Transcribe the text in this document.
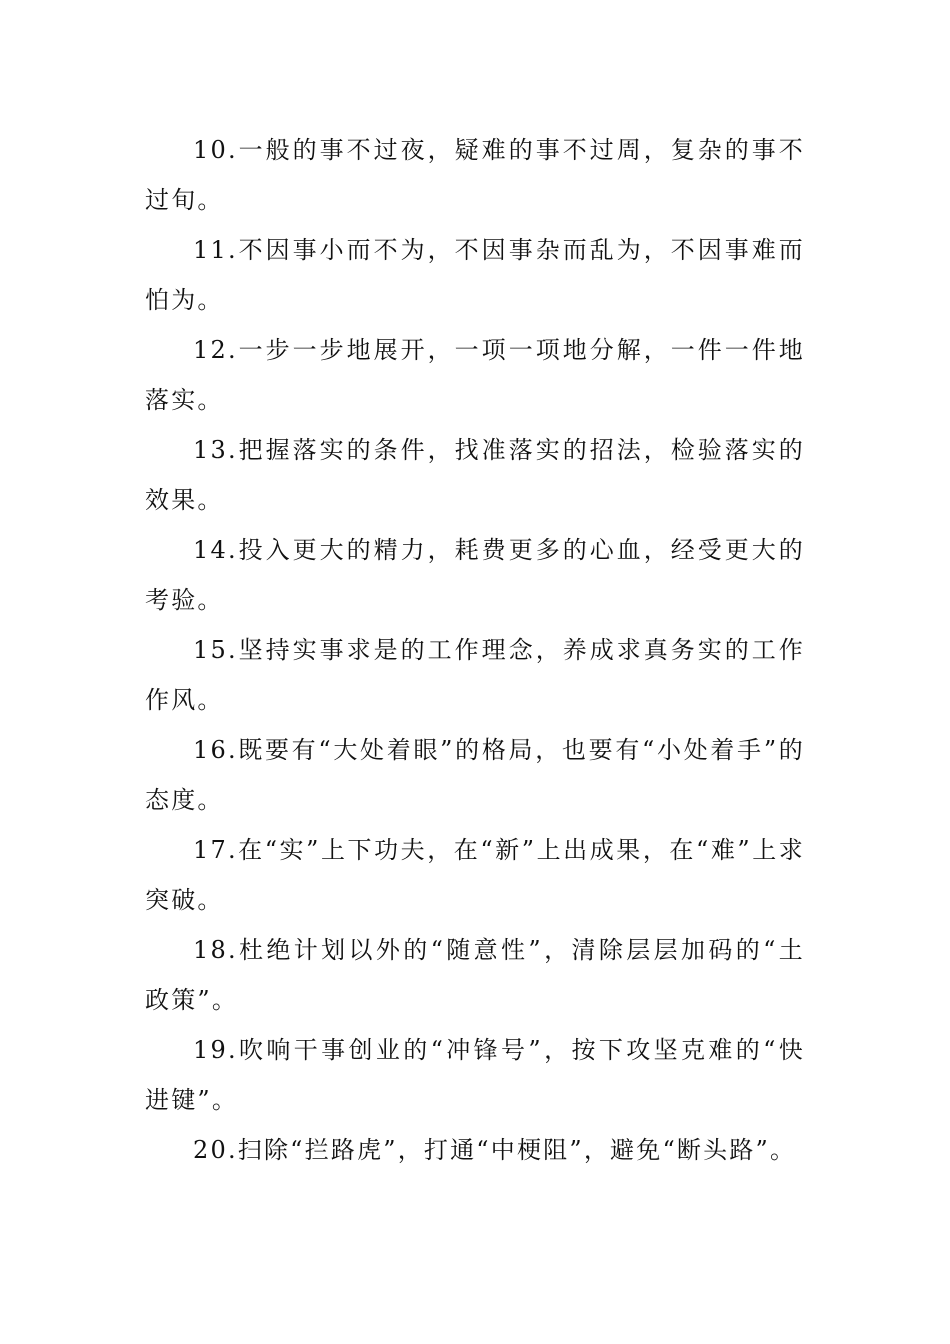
10.一般的事不过夜，疑难的事不过周，复杂的事不过旬。

11.不因事小而不为，不因事杂而乱为，不因事难而怕为。

12.一步一步地展开，一项一项地分解，一件一件地落实。

13.把握落实的条件，找准落实的招法，检验落实的效果。

14.投入更大的精力，耗费更多的心血，经受更大的考验。

15.坚持实事求是的工作理念，养成求真务实的工作作风。

16.既要有“大处着眼”的格局，也要有“小处着手”的态度。

17.在“实”上下功夫，在“新”上出成果，在“难”上求突破。

18.杜绝计划以外的“随意性”，清除层层加码的“土政策”。

19.吹响干事创业的“冲锋号”，按下攻坚克难的“快进键”。

20.扫除“拦路虎”，打通“中梗阻”，避免“断头路”。
